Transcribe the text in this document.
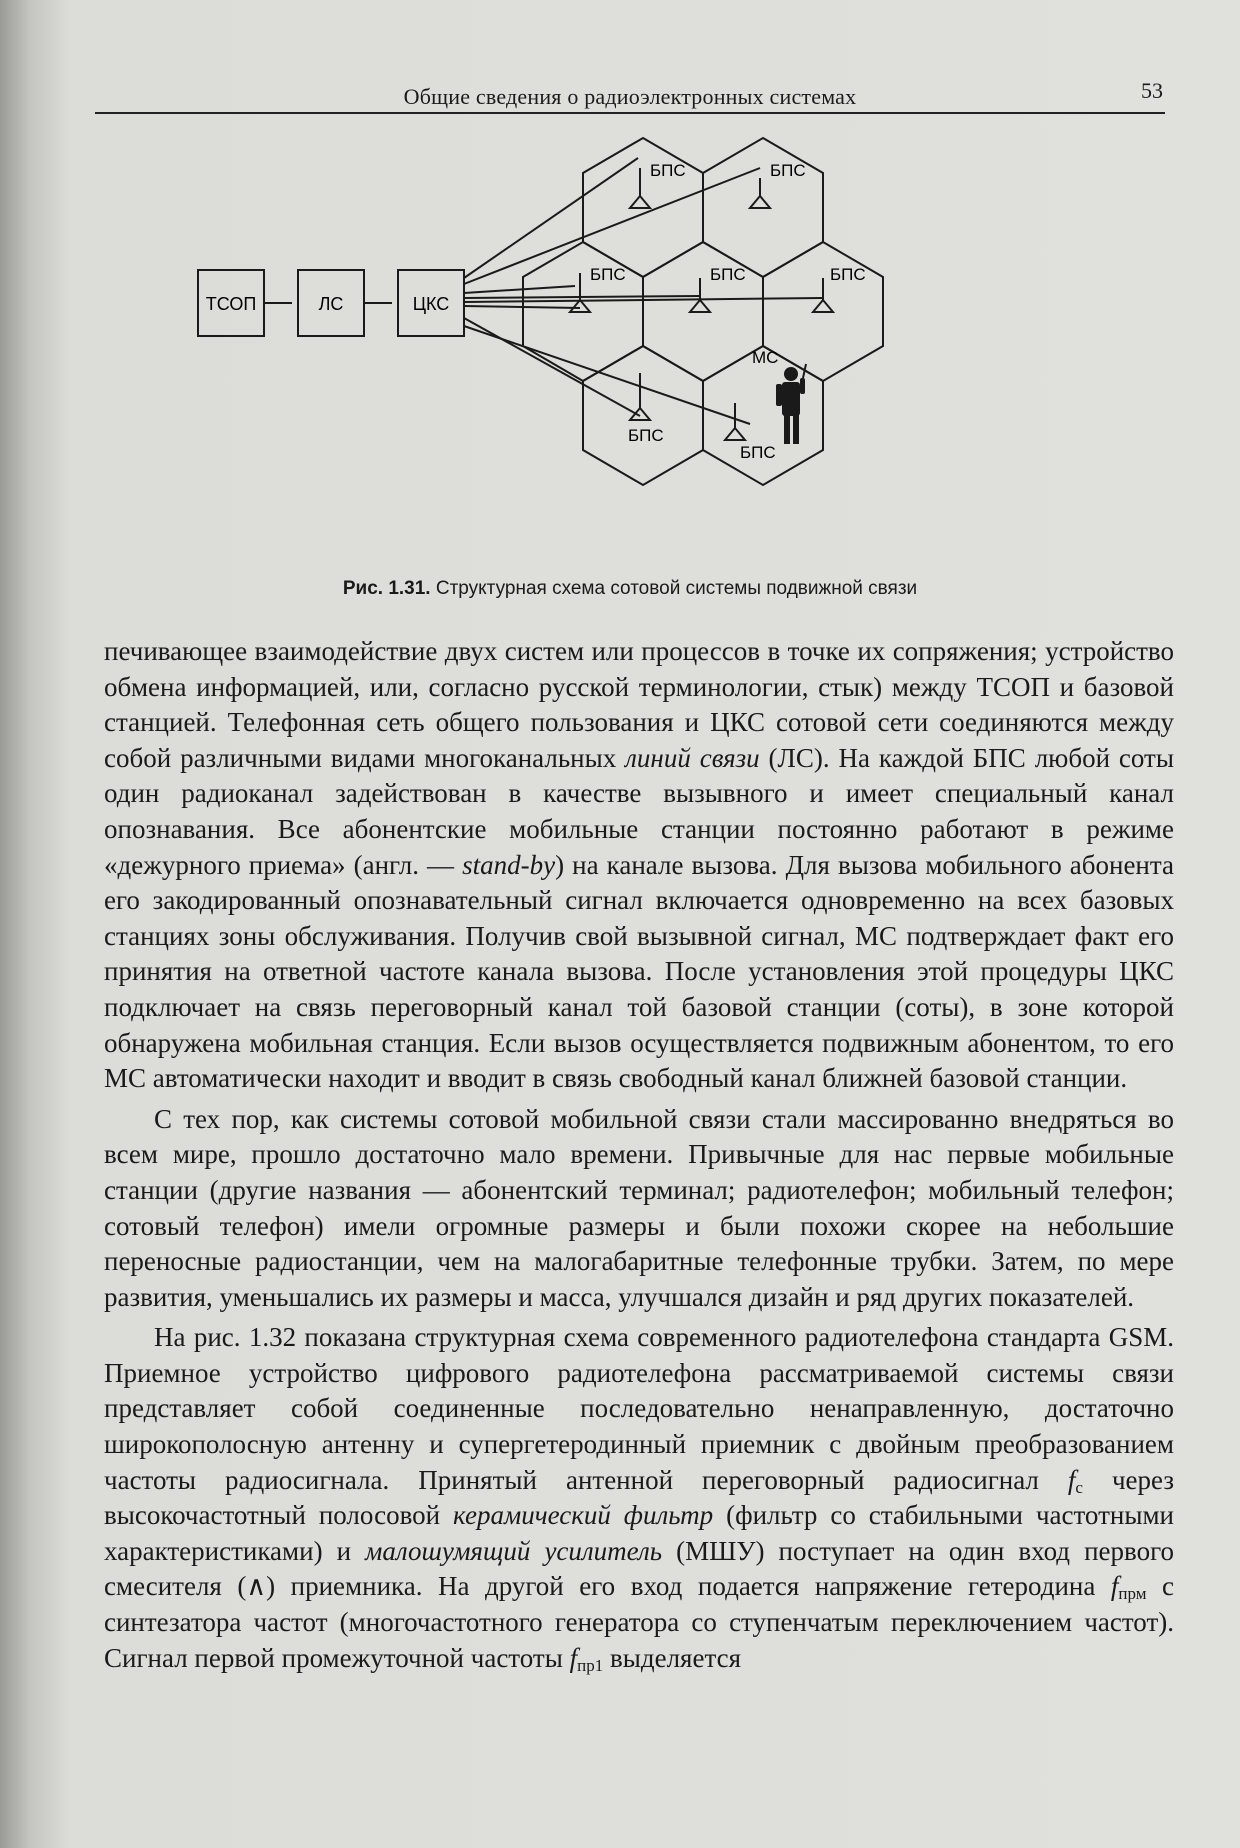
Общие сведения о радиоэлектронных системах	53
ТСОП	ЛС	ЦКС
БПС	БПС
БПС	БПС	БПС
БПС
БПС
МС
Рис. 1.31. Структурная схема сотовой системы подвижной связи

печивающее взаимодействие двух систем или процессов в точке их сопряжения; устройство обмена информацией, или, согласно русской терминологии, стык) между ТСОП и базовой станцией. Телефонная сеть общего пользования и ЦКС сотовой сети соединяются между собой различными видами многоканальных линий связи (ЛС). На каждой БПС любой соты один радиоканал задействован в качестве вызывного и имеет специальный канал опознавания. Все абонентские мобильные станции постоянно работают в режиме «дежурного приема» (англ. — stand-by) на канале вызова. Для вызова мобильного абонента его закодированный опознавательный сигнал включается одновременно на всех базовых станциях зоны обслуживания. Получив свой вызывной сигнал, МС подтверждает факт его принятия на ответной частоте канала вызова. После установления этой процедуры ЦКС подключает на связь переговорный канал той базовой станции (соты), в зоне которой обнаружена мобильная станция. Если вызов осуществляется подвижным абонентом, то его МС автоматически находит и вводит в связь свободный канал ближней базовой станции.

С тех пор, как системы сотовой мобильной связи стали массированно внедряться во всем мире, прошло достаточно мало времени. Привычные для нас первые мобильные станции (другие названия — абонентский терминал; радиотелефон; мобильный телефон; сотовый телефон) имели огромные размеры и были похожи скорее на небольшие переносные радиостанции, чем на малогабаритные телефонные трубки. Затем, по мере развития, уменьшались их размеры и масса, улучшался дизайн и ряд других показателей.

На рис. 1.32 показана структурная схема современного радиотелефона стандарта GSM. Приемное устройство цифрового радиотелефона рассматриваемой системы связи представляет собой соединенные последовательно ненаправленную, достаточно широкополосную антенну и супергетеродинный приемник с двойным преобразованием частоты радиосигнала. Принятый антенной переговорный радиосигнал $f_с$ через высокочастотный полосовой керамический фильтр (фильтр со стабильными частотными характеристиками) и малошумящий усилитель (МШУ) поступает на один вход первого смесителя (∧) приемника. На другой его вход подается напряжение гетеродина $f_{прм}$ с синтезатора частот (многочастотного генератора со ступенчатым переключением частот). Сигнал первой промежуточной частоты $f_{пр1}$ выделяется
